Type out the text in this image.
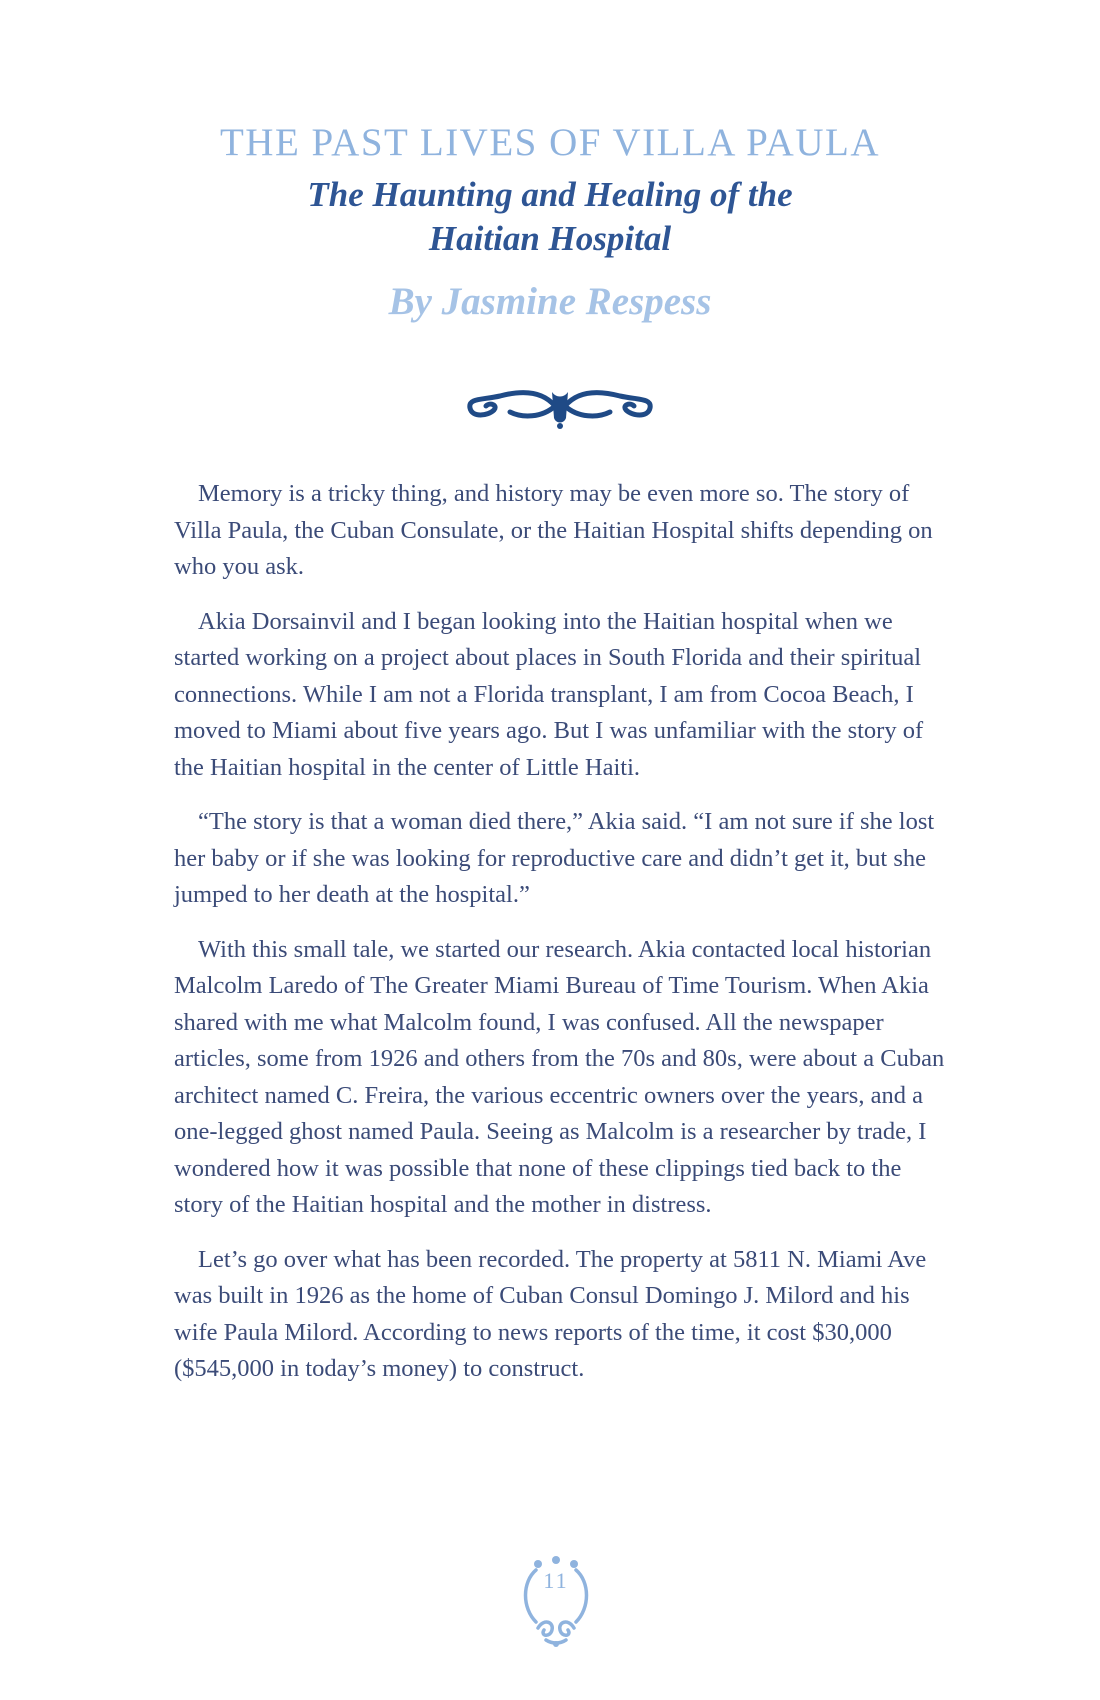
THE PAST LIVES OF VILLA PAULA
The Haunting and Healing of the
Haitian Hospital
By Jasmine Respess

Memory is a tricky thing, and history may be even more so. The story of Villa Paula, the Cuban Consulate, or the Haitian Hospital shifts depending on who you ask.

Akia Dorsainvil and I began looking into the Haitian hospital when we started working on a project about places in South Florida and their spiritual connections. While I am not a Florida transplant, I am from Cocoa Beach, I moved to Miami about five years ago. But I was unfamiliar with the story of the Haitian hospital in the center of Little Haiti.

“The story is that a woman died there,” Akia said. “I am not sure if she lost her baby or if she was looking for reproductive care and didn’t get it, but she jumped to her death at the hospital.”

With this small tale, we started our research. Akia contacted local historian Malcolm Laredo of The Greater Miami Bureau of Time Tourism. When Akia shared with me what Malcolm found, I was confused. All the newspaper articles, some from 1926 and others from the 70s and 80s, were about a Cuban architect named C. Freira, the various eccentric owners over the years, and a one-legged ghost named Paula. Seeing as Malcolm is a researcher by trade, I wondered how it was possible that none of these clippings tied back to the story of the Haitian hospital and the mother in distress.

Let’s go over what has been recorded. The property at 5811 N. Miami Ave was built in 1926 as the home of Cuban Consul Domingo J. Milord and his wife Paula Milord. According to news reports of the time, it cost $30,000 ($545,000 in today’s money) to construct.

11
